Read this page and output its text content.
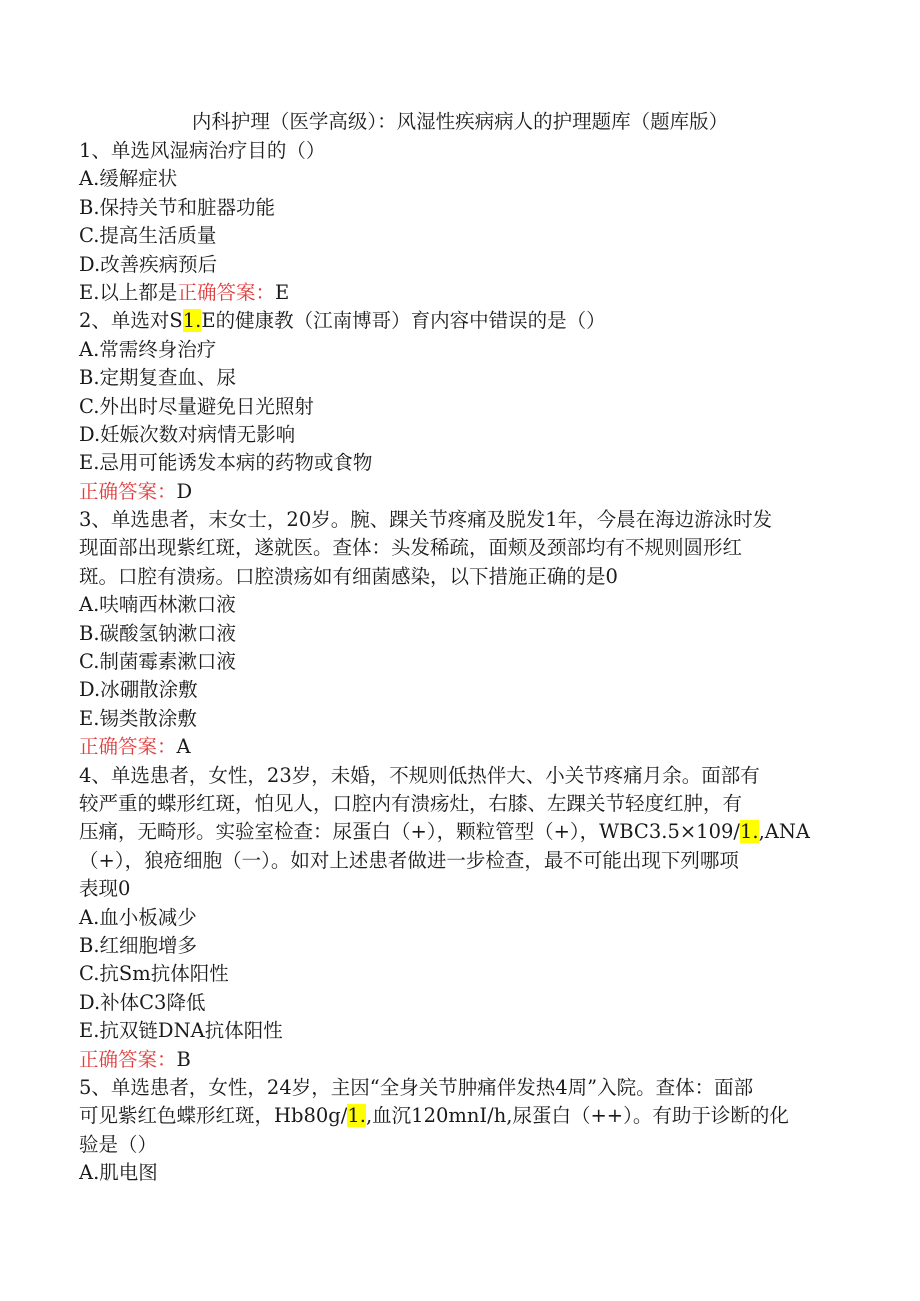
内科护理（医学高级）：风湿性疾病病人的护理题库（题库版）
1、单选风湿病治疗目的（）
A.缓解症状
B.保持关节和脏器功能
C.提高生活质量
D.改善疾病预后
E.以上都是正确答案：E
2、单选对S1.E的健康教（江南博哥）育内容中错误的是（）
A.常需终身治疗
B.定期复查血、尿
C.外出时尽量避免日光照射
D.妊娠次数对病情无影响
E.忌用可能诱发本病的药物或食物
正确答案：D
3、单选患者，末女士，20岁。腕、踝关节疼痛及脱发1年，今晨在海边游泳时发
现面部出现紫红斑，遂就医。查体：头发稀疏，面颊及颈部均有不规则圆形红
斑。口腔有溃疡。口腔溃疡如有细菌感染，以下措施正确的是0
A.呋喃西林漱口液
B.碳酸氢钠漱口液
C.制菌霉素漱口液
D.冰硼散涂敷
E.锡类散涂敷
正确答案：A
4、单选患者，女性，23岁，未婚，不规则低热伴大、小关节疼痛月余。面部有
较严重的蝶形红斑，怕见人，口腔内有溃疡灶，右膝、左踝关节轻度红肿，有
压痛，无畸形。实验室检查：尿蛋白（+），颗粒管型（+），WBC3.5×109/1.,ANA
（+），狼疮细胞（一）。如对上述患者做进一步检查，最不可能出现下列哪项
表现0
A.血小板减少
B.红细胞增多
C.抗Sm抗体阳性
D.补体C3降低
E.抗双链DNA抗体阳性
正确答案：B
5、单选患者，女性，24岁，主因“全身关节肿痛伴发热4周”入院。查体：面部
可见紫红色蝶形红斑，Hb80g/1.,血沉120mnI/h,尿蛋白（++）。有助于诊断的化
验是（）
A.肌电图
